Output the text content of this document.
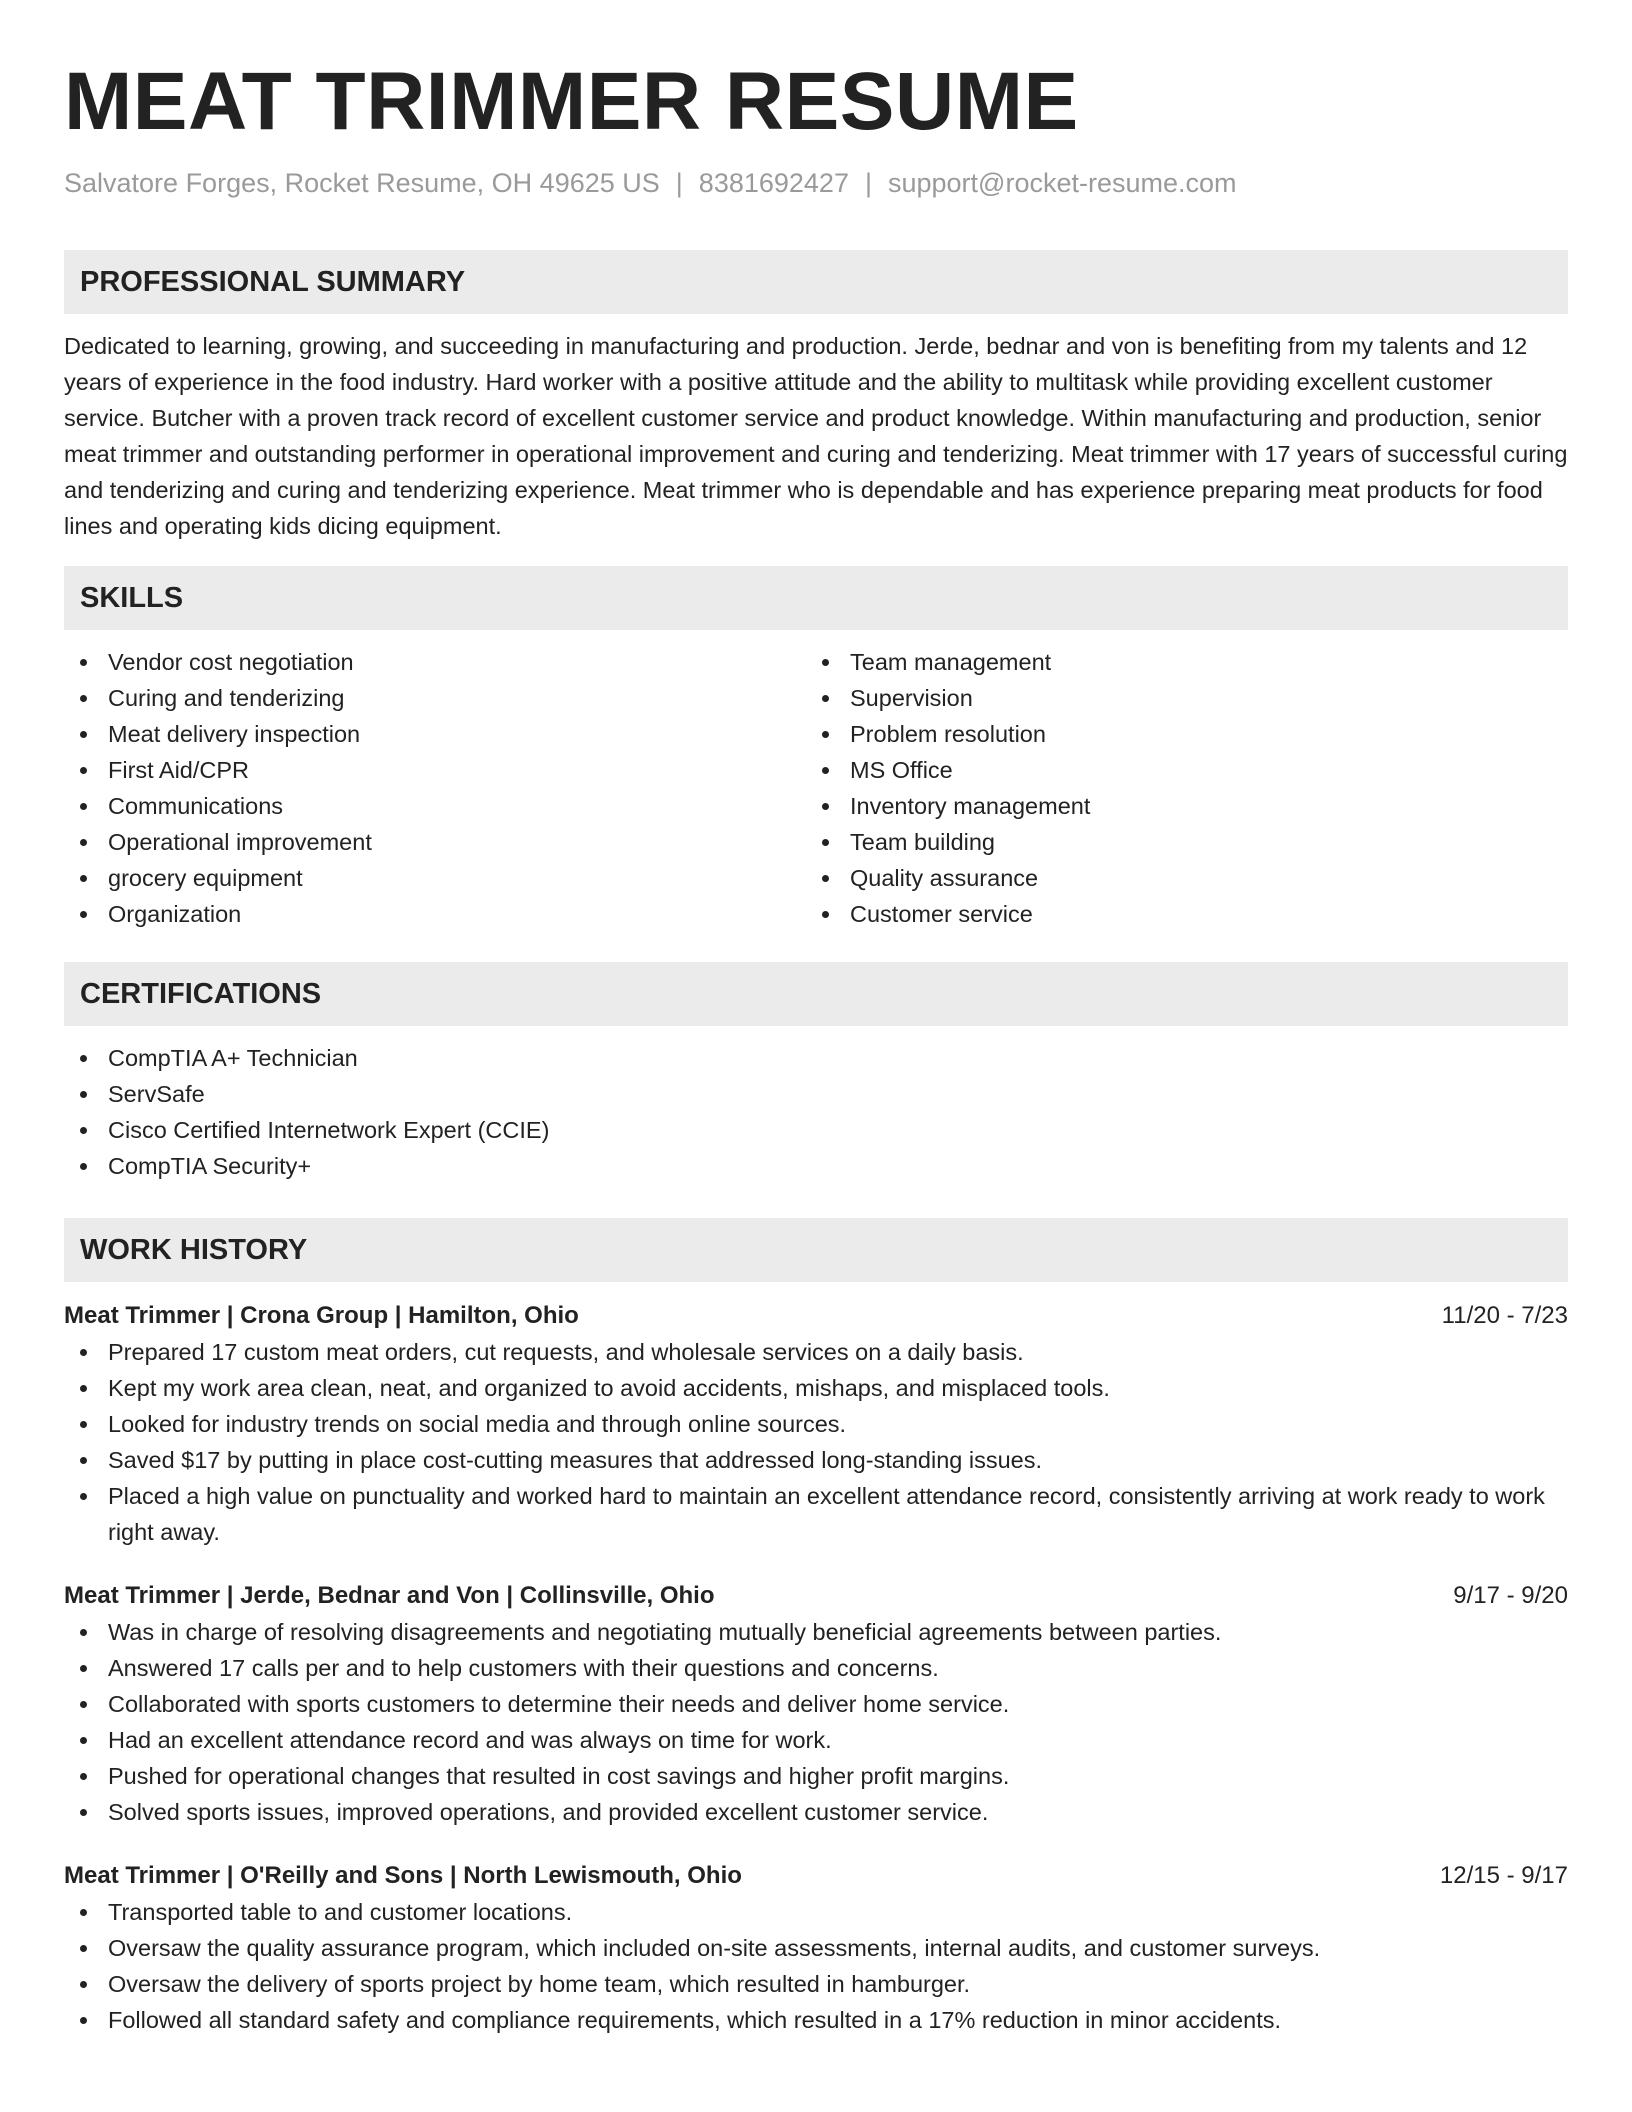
MEAT TRIMMER RESUME
Salvatore Forges, Rocket Resume, OH 49625 US | 8381692427 | support@rocket-resume.com
PROFESSIONAL SUMMARY
Dedicated to learning, growing, and succeeding in manufacturing and production. Jerde, bednar and von is benefiting from my talents and 12 years of experience in the food industry. Hard worker with a positive attitude and the ability to multitask while providing excellent customer service. Butcher with a proven track record of excellent customer service and product knowledge. Within manufacturing and production, senior meat trimmer and outstanding performer in operational improvement and curing and tenderizing. Meat trimmer with 17 years of successful curing and tenderizing and curing and tenderizing experience. Meat trimmer who is dependable and has experience preparing meat products for food lines and operating kids dicing equipment.
SKILLS
Vendor cost negotiation
Curing and tenderizing
Meat delivery inspection
First Aid/CPR
Communications
Operational improvement
grocery equipment
Organization
Team management
Supervision
Problem resolution
MS Office
Inventory management
Team building
Quality assurance
Customer service
CERTIFICATIONS
CompTIA A+ Technician
ServSafe
Cisco Certified Internetwork Expert (CCIE)
CompTIA Security+
WORK HISTORY
Meat Trimmer | Crona Group | Hamilton, Ohio	11/20 - 7/23
Prepared 17 custom meat orders, cut requests, and wholesale services on a daily basis.
Kept my work area clean, neat, and organized to avoid accidents, mishaps, and misplaced tools.
Looked for industry trends on social media and through online sources.
Saved $17 by putting in place cost-cutting measures that addressed long-standing issues.
Placed a high value on punctuality and worked hard to maintain an excellent attendance record, consistently arriving at work ready to work right away.
Meat Trimmer | Jerde, Bednar and Von | Collinsville, Ohio	9/17 - 9/20
Was in charge of resolving disagreements and negotiating mutually beneficial agreements between parties.
Answered 17 calls per and to help customers with their questions and concerns.
Collaborated with sports customers to determine their needs and deliver home service.
Had an excellent attendance record and was always on time for work.
Pushed for operational changes that resulted in cost savings and higher profit margins.
Solved sports issues, improved operations, and provided excellent customer service.
Meat Trimmer | O'Reilly and Sons | North Lewismouth, Ohio	12/15 - 9/17
Transported table to and customer locations.
Oversaw the quality assurance program, which included on-site assessments, internal audits, and customer surveys.
Oversaw the delivery of sports project by home team, which resulted in hamburger.
Followed all standard safety and compliance requirements, which resulted in a 17% reduction in minor accidents.
